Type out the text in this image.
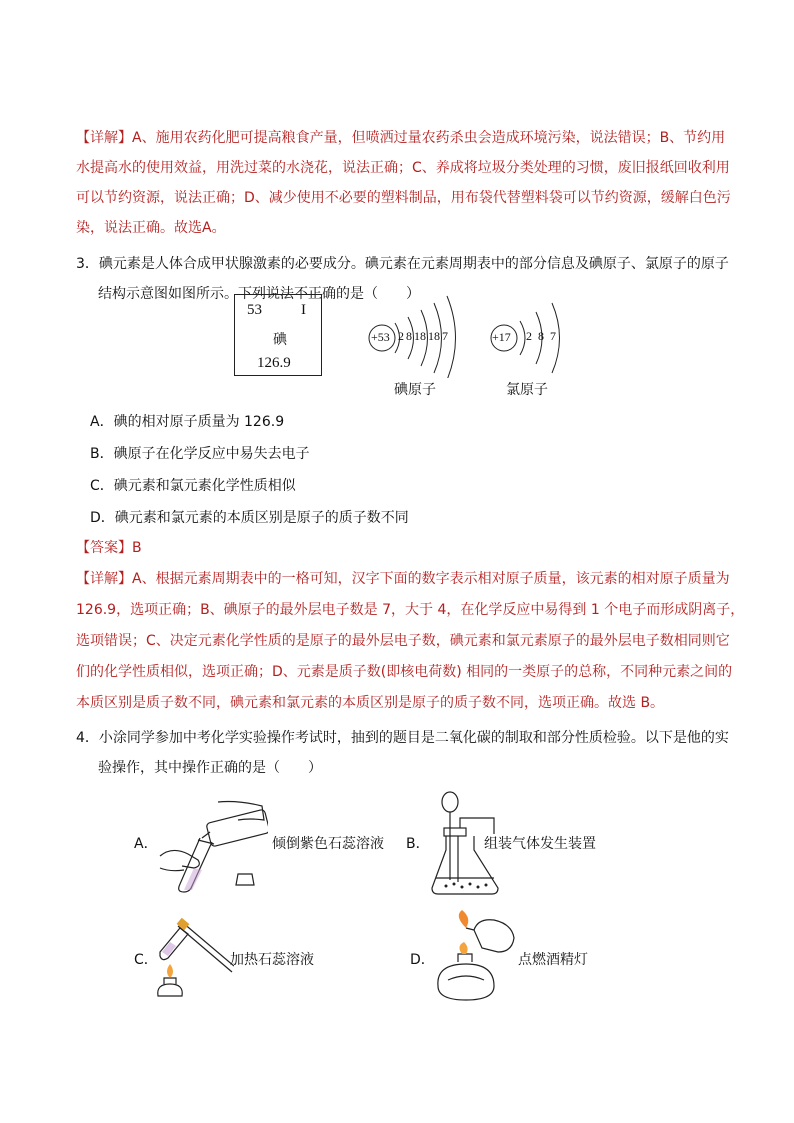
【详解】A、施用农药化肥可提高粮食产量，但喷洒过量农药杀虫会造成环境污染，说法错误；B、节约用
水提高水的使用效益，用洗过菜的水浇花，说法正确；C、养成将垃圾分类处理的习惯，废旧报纸回收利用
可以节约资源，说法正确；D、减少使用不必要的塑料制品，用布袋代替塑料袋可以节约资源，缓解白色污
染，说法正确。故选A。
3．碘元素是人体合成甲状腺激素的必要成分。碘元素在元素周期表中的部分信息及碘原子、氯原子的原子
结构示意图如图所示。下列说法不正确的是（　　）
53	I
碘
126.9
+53 2 8 18 18 7
碘原子
+17 2  8  7
氯原子
A．碘的相对原子质量为 126.9
B．碘原子在化学反应中易失去电子
C．碘元素和氯元素化学性质相似
D．碘元素和氯元素的本质区别是原子的质子数不同
【答案】B
【详解】A、根据元素周期表中的一格可知，汉字下面的数字表示相对原子质量，该元素的相对原子质量为
126.9，选项正确；B、碘原子的最外层电子数是 7，大于 4，在化学反应中易得到 1 个电子而形成阴离子，
选项错误；C、决定元素化学性质的是原子的最外层电子数，碘元素和氯元素原子的最外层电子数相同则它
们的化学性质相似，选项正确；D、元素是质子数(即核电荷数) 相同的一类原子的总称，不同种元素之间的
本质区别是质子数不同，碘元素和氯元素的本质区别是原子的质子数不同，选项正确。故选 B。
4．小涂同学参加中考化学实验操作考试时，抽到的题目是二氧化碳的制取和部分性质检验。以下是他的实
验操作，其中操作正确的是（　　）
A．	倾倒紫色石蕊溶液 B．	组装气体发生装置
C．	加热石蕊溶液	D．	点燃酒精灯
